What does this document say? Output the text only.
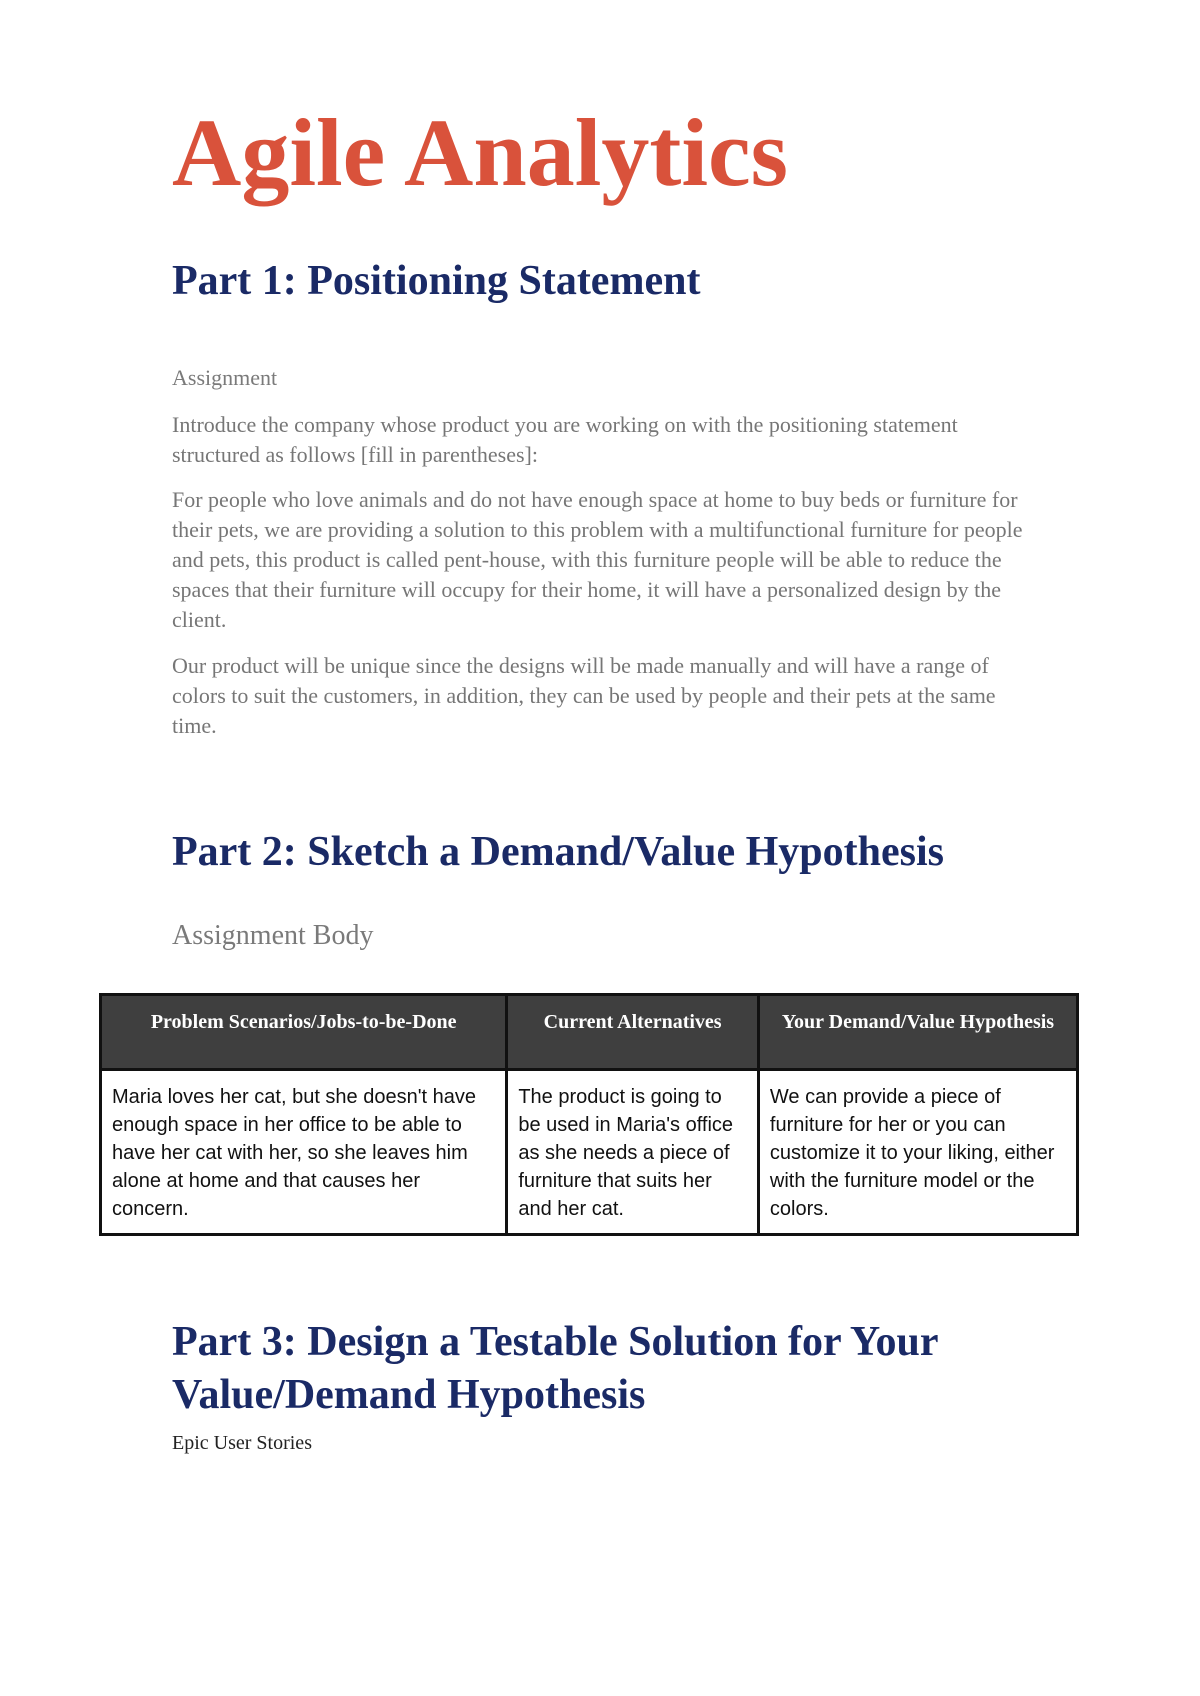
Agile Analytics
Part 1: Positioning Statement

Assignment

Introduce the company whose product you are working on with the positioning statement structured as follows [fill in parentheses]:

For people who love animals and do not have enough space at home to buy beds or furniture for their pets, we are providing a solution to this problem with a multifunctional furniture for people and pets, this product is called pent-house, with this furniture people will be able to reduce the spaces that their furniture will occupy for their home, it will have a personalized design by the client.

Our product will be unique since the designs will be made manually and will have a range of colors to suit the customers, in addition, they can be used by people and their pets at the same time.

Part 2: Sketch a Demand/Value Hypothesis

Assignment Body

Problem Scenarios/Jobs-to-be-Done	Current Alternatives	Your Demand/Value Hypothesis
Maria loves her cat, but she doesn't have enough space in her office to be able to have her cat with her, so she leaves him alone at home and that causes her concern.	The product is going to be used in Maria's office as she needs a piece of furniture that suits her and her cat.	We can provide a piece of furniture for her or you can customize it to your liking, either with the furniture model or the colors.
Part 3: Design a Testable Solution for Your Value/Demand Hypothesis

Epic User Stories
